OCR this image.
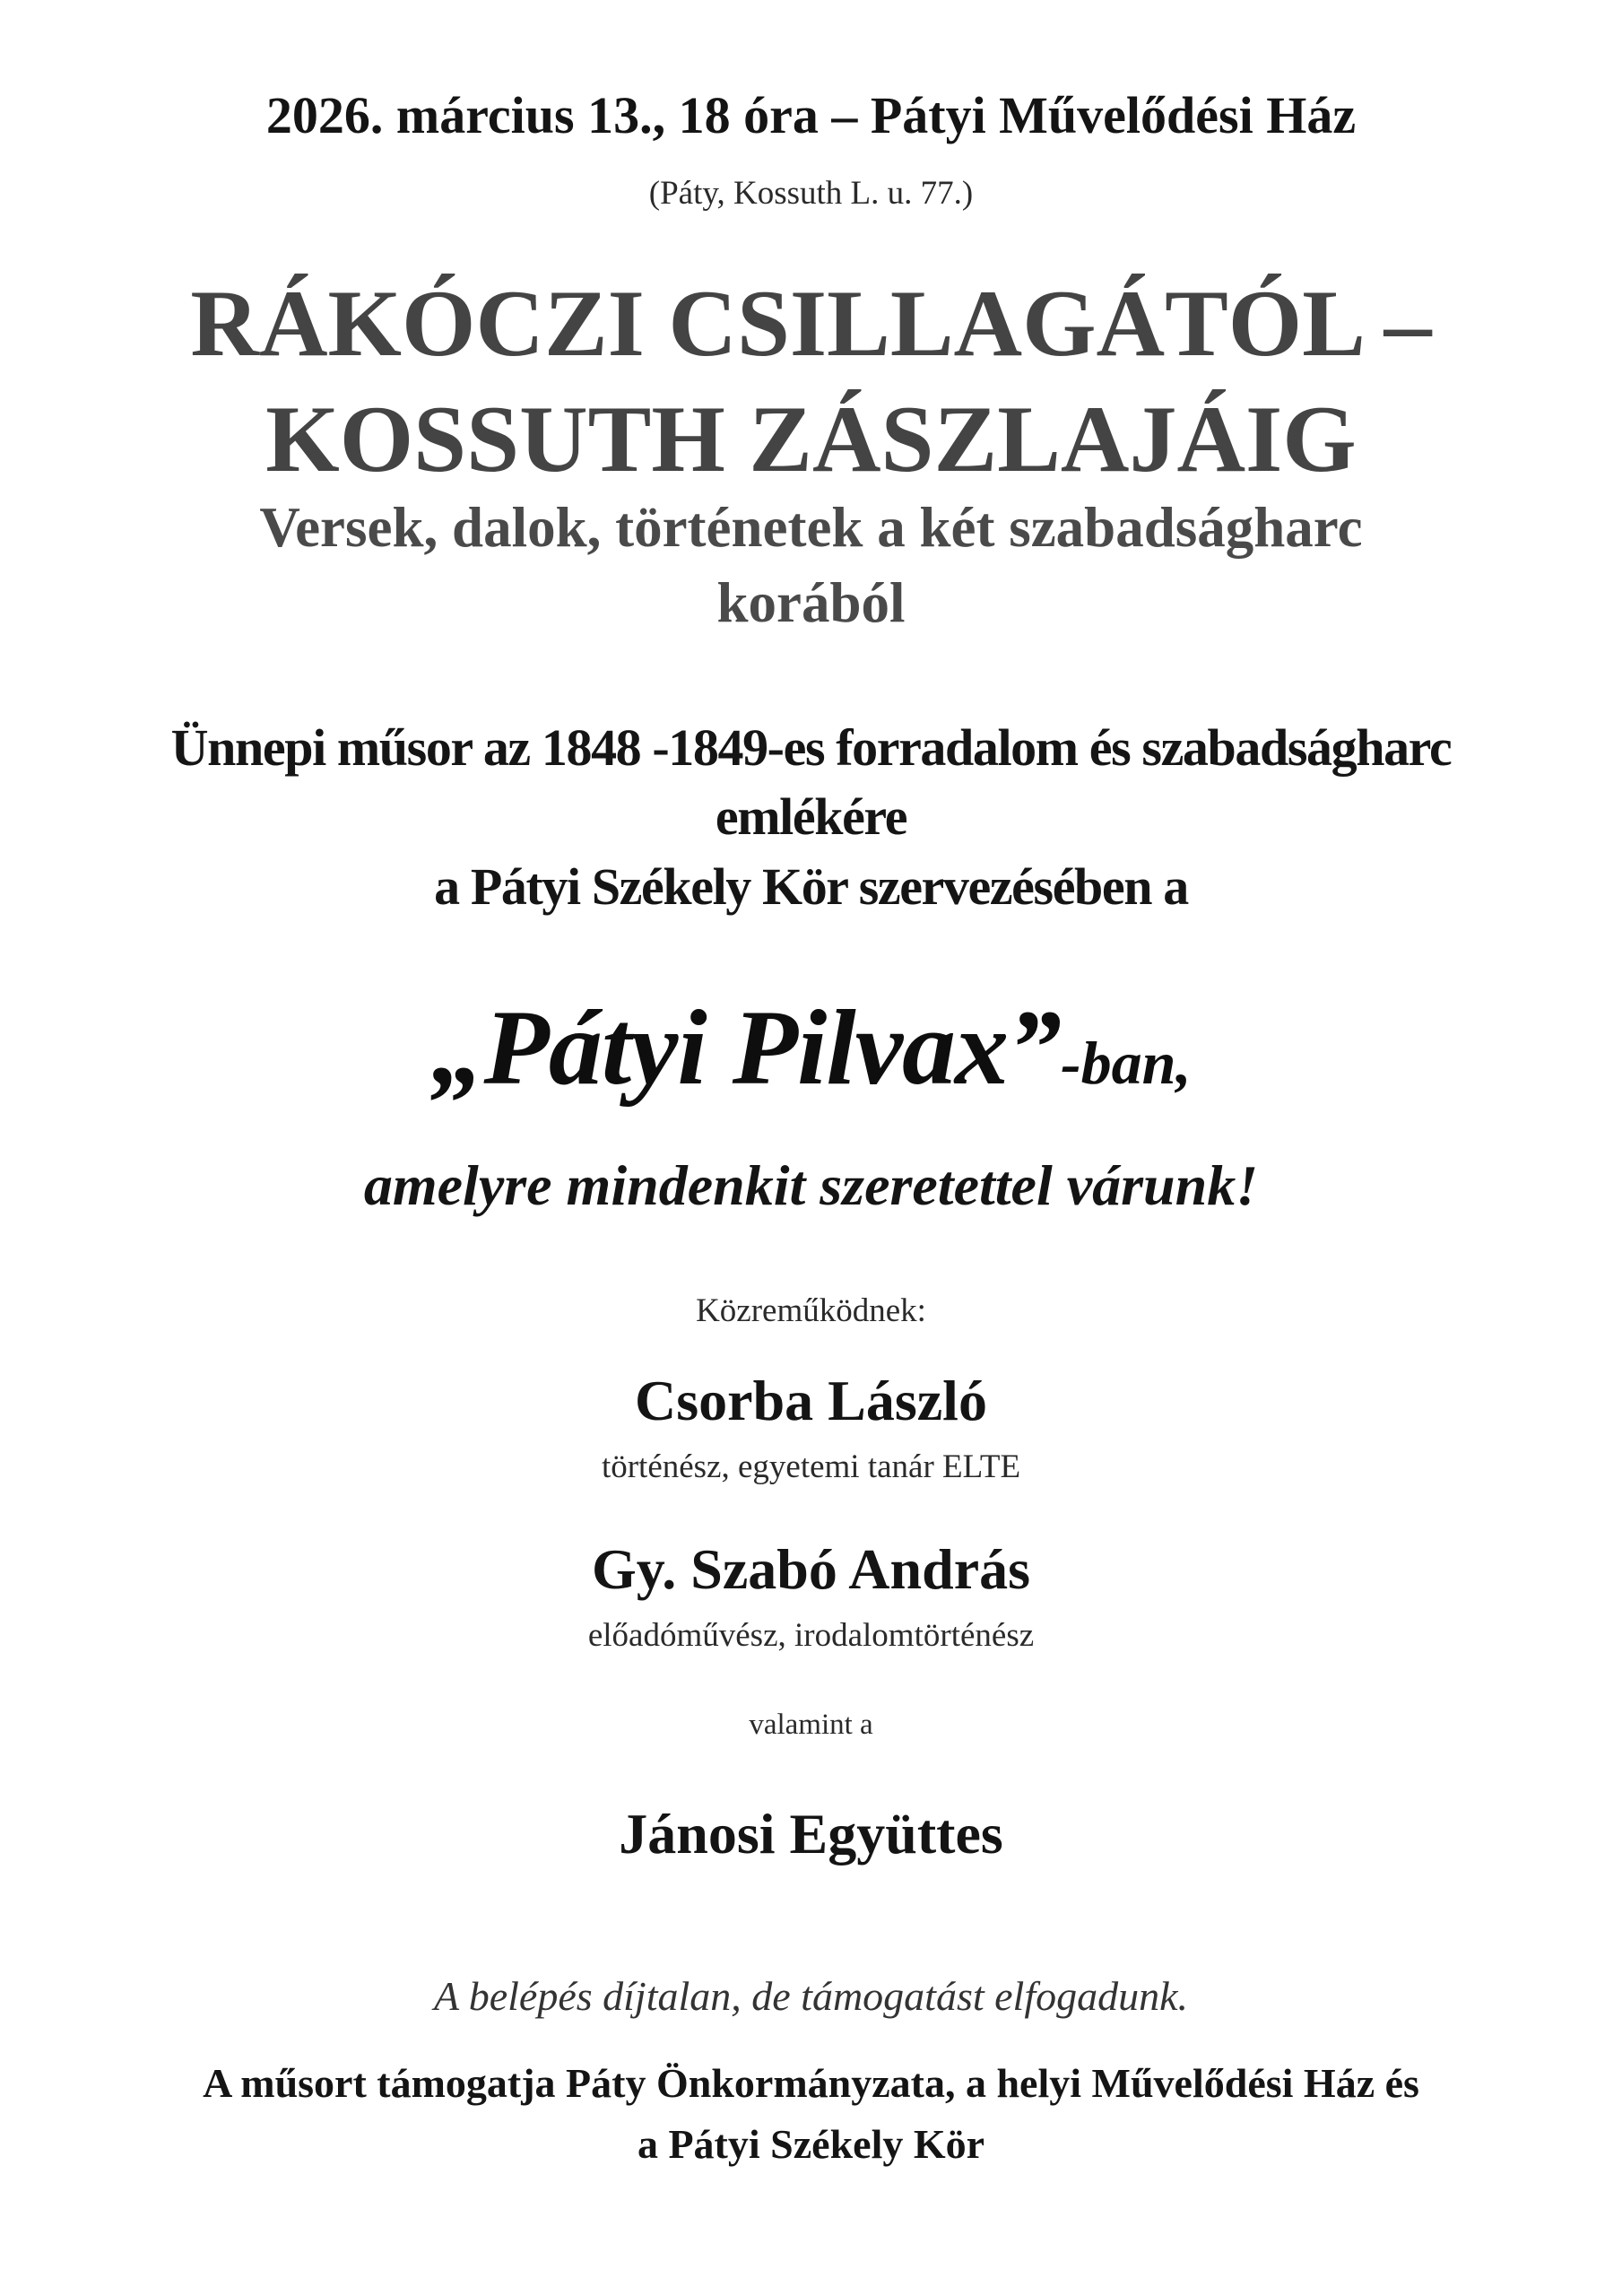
2026. március 13., 18 óra – Pátyi Művelődési Ház
(Páty, Kossuth L. u. 77.)
RÁKÓCZI CSILLAGÁTÓL –
KOSSUTH ZÁSZLAJÁIG
Versek, dalok, történetek a két szabadságharc
korából
Ünnepi műsor az 1848 -1849-es forradalom és szabadságharc
emlékére
a Pátyi Székely Kör szervezésében a
„Pátyi Pilvax”-ban,
amelyre mindenkit szeretettel várunk!
Közreműködnek:
Csorba László
történész, egyetemi tanár ELTE
Gy. Szabó András
előadóművész, irodalomtörténész
valamint a
Jánosi Együttes
A belépés díjtalan, de támogatást elfogadunk.
A műsort támogatja Páty Önkormányzata, a helyi Művelődési Ház és
a Pátyi Székely Kör
